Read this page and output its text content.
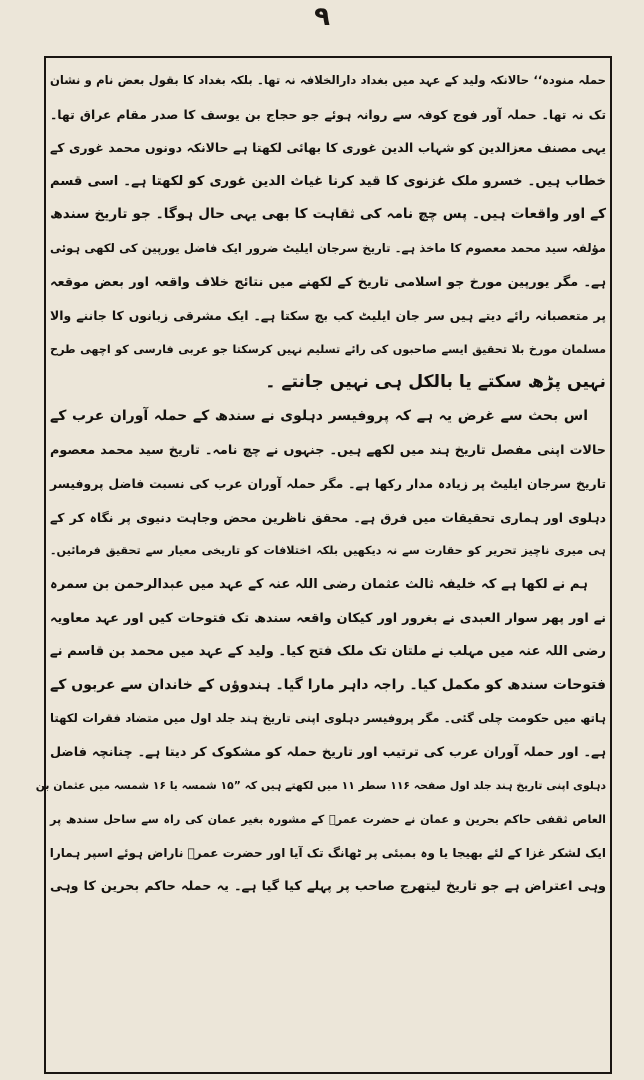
۹
حملہ منودہ‘‘ حالانکہ ولید کے عہد میں بغداد دارالخلافہ نہ تھا۔ بلکہ بغداد کا بقول بعض نام و نشان
تک نہ تھا۔ حملہ آور فوج کوفہ سے روانہ ہوئے جو حجاج بن یوسف کا صدر مقام عراق تھا۔
یہی مصنف معزالدین کو شہاب الدین غوری کا بھائی لکھتا ہے حالانکہ دونوں محمد غوری کے
خطاب ہیں۔ خسرو ملک غزنوی کا قید کرنا غیاث الدین غوری کو لکھتا ہے۔ اسی قسم
کے اور واقعات ہیں۔ پس چچ نامہ کی ثقاہت کا بھی یہی حال ہوگا۔ جو تاریخ سندھ
مؤلفہ سید محمد معصوم کا ماخذ ہے۔ تاریخ سرجان ایلیٹ ضرور ایک فاضل یورپین کی لکھی ہوئی
ہے۔ مگر یورپین مورخ جو اسلامی تاریخ کے لکھنے میں نتائج خلاف واقعہ اور بعض موقعہ
پر متعصبانہ رائے دیتے ہیں سر جان ایلیٹ کب بچ سکتا ہے۔ ایک مشرقی زبانوں کا جاننے والا
مسلمان مورخ بلا تحقیق ایسے صاحبوں کی رائے تسلیم نہیں کرسکتا جو عربی فارسی کو اچھی طرح
نہیں پڑھ سکتے یا بالکل ہی نہیں جانتے ۔
اس بحث سے غرض یہ ہے کہ پروفیسر دہلوی نے سندھ کے حملہ آوران عرب کے
حالات اپنی مفصل تاریخ ہند میں لکھے ہیں۔ جنہوں نے چچ نامہ۔ تاریخ سید محمد معصوم
تاریخ سرجان ایلیٹ پر زیادہ مدار رکھا ہے۔ مگر حملہ آوران عرب کی نسبت فاضل پروفیسر
دہلوی اور ہماری تحقیقات میں فرق ہے۔ محقق ناظرین محض وجاہت دنیوی پر نگاہ کر کے
ہی میری ناچیز تحریر کو حقارت سے نہ دیکھیں بلکہ اختلافات کو تاریخی معیار سے تحقیق فرمائیں۔
ہم نے لکھا ہے کہ خلیفہ ثالث عثمان رضی اللہ عنہ کے عہد میں عبدالرحمن بن سمرہ
نے اور پھر سوار العبدی نے بغرور اور کیکان واقعہ سندھ تک فتوحات کیں اور عہد معاویہ
رضی اللہ عنہ میں مہلب نے ملتان تک ملک فتح کیا۔ ولید کے عہد میں محمد بن قاسم نے
فتوحات سندھ کو مکمل کیا۔ راجہ داہر مارا گیا۔ ہندوؤں کے خاندان سے عربوں کے
ہاتھ میں حکومت چلی گئی۔ مگر پروفیسر دہلوی اپنی تاریخ ہند جلد اول میں متضاد فقرات لکھتا
ہے۔ اور حملہ آوران عرب کی ترتیب اور تاریخ حملہ کو مشکوک کر دیتا ہے۔ چنانچہ فاضل
دہلوی اپنی تاریخ ہند جلد اول صفحہ ۱۱۶ سطر ۱۱ میں لکھتے ہیں کہ ”۱۵ شمسہ یا ۱۶ شمسہ میں عثمان بن
العاص ثقفی حاکم بحرین و عمان نے حضرت عمرؓ کے مشورہ بغیر عمان کی راہ سے ساحل سندھ پر
ایک لشکر غزا کے لئے بھیجا یا وہ بمبئی پر ٹھانگ تک آیا اور حضرت عمرؓ ناراض ہوئے اسپر ہمارا
وہی اعتراض ہے جو تاریخ لیتھرج صاحب پر پہلے کیا گیا ہے۔ یہ حملہ حاکم بحرین کا وہی
